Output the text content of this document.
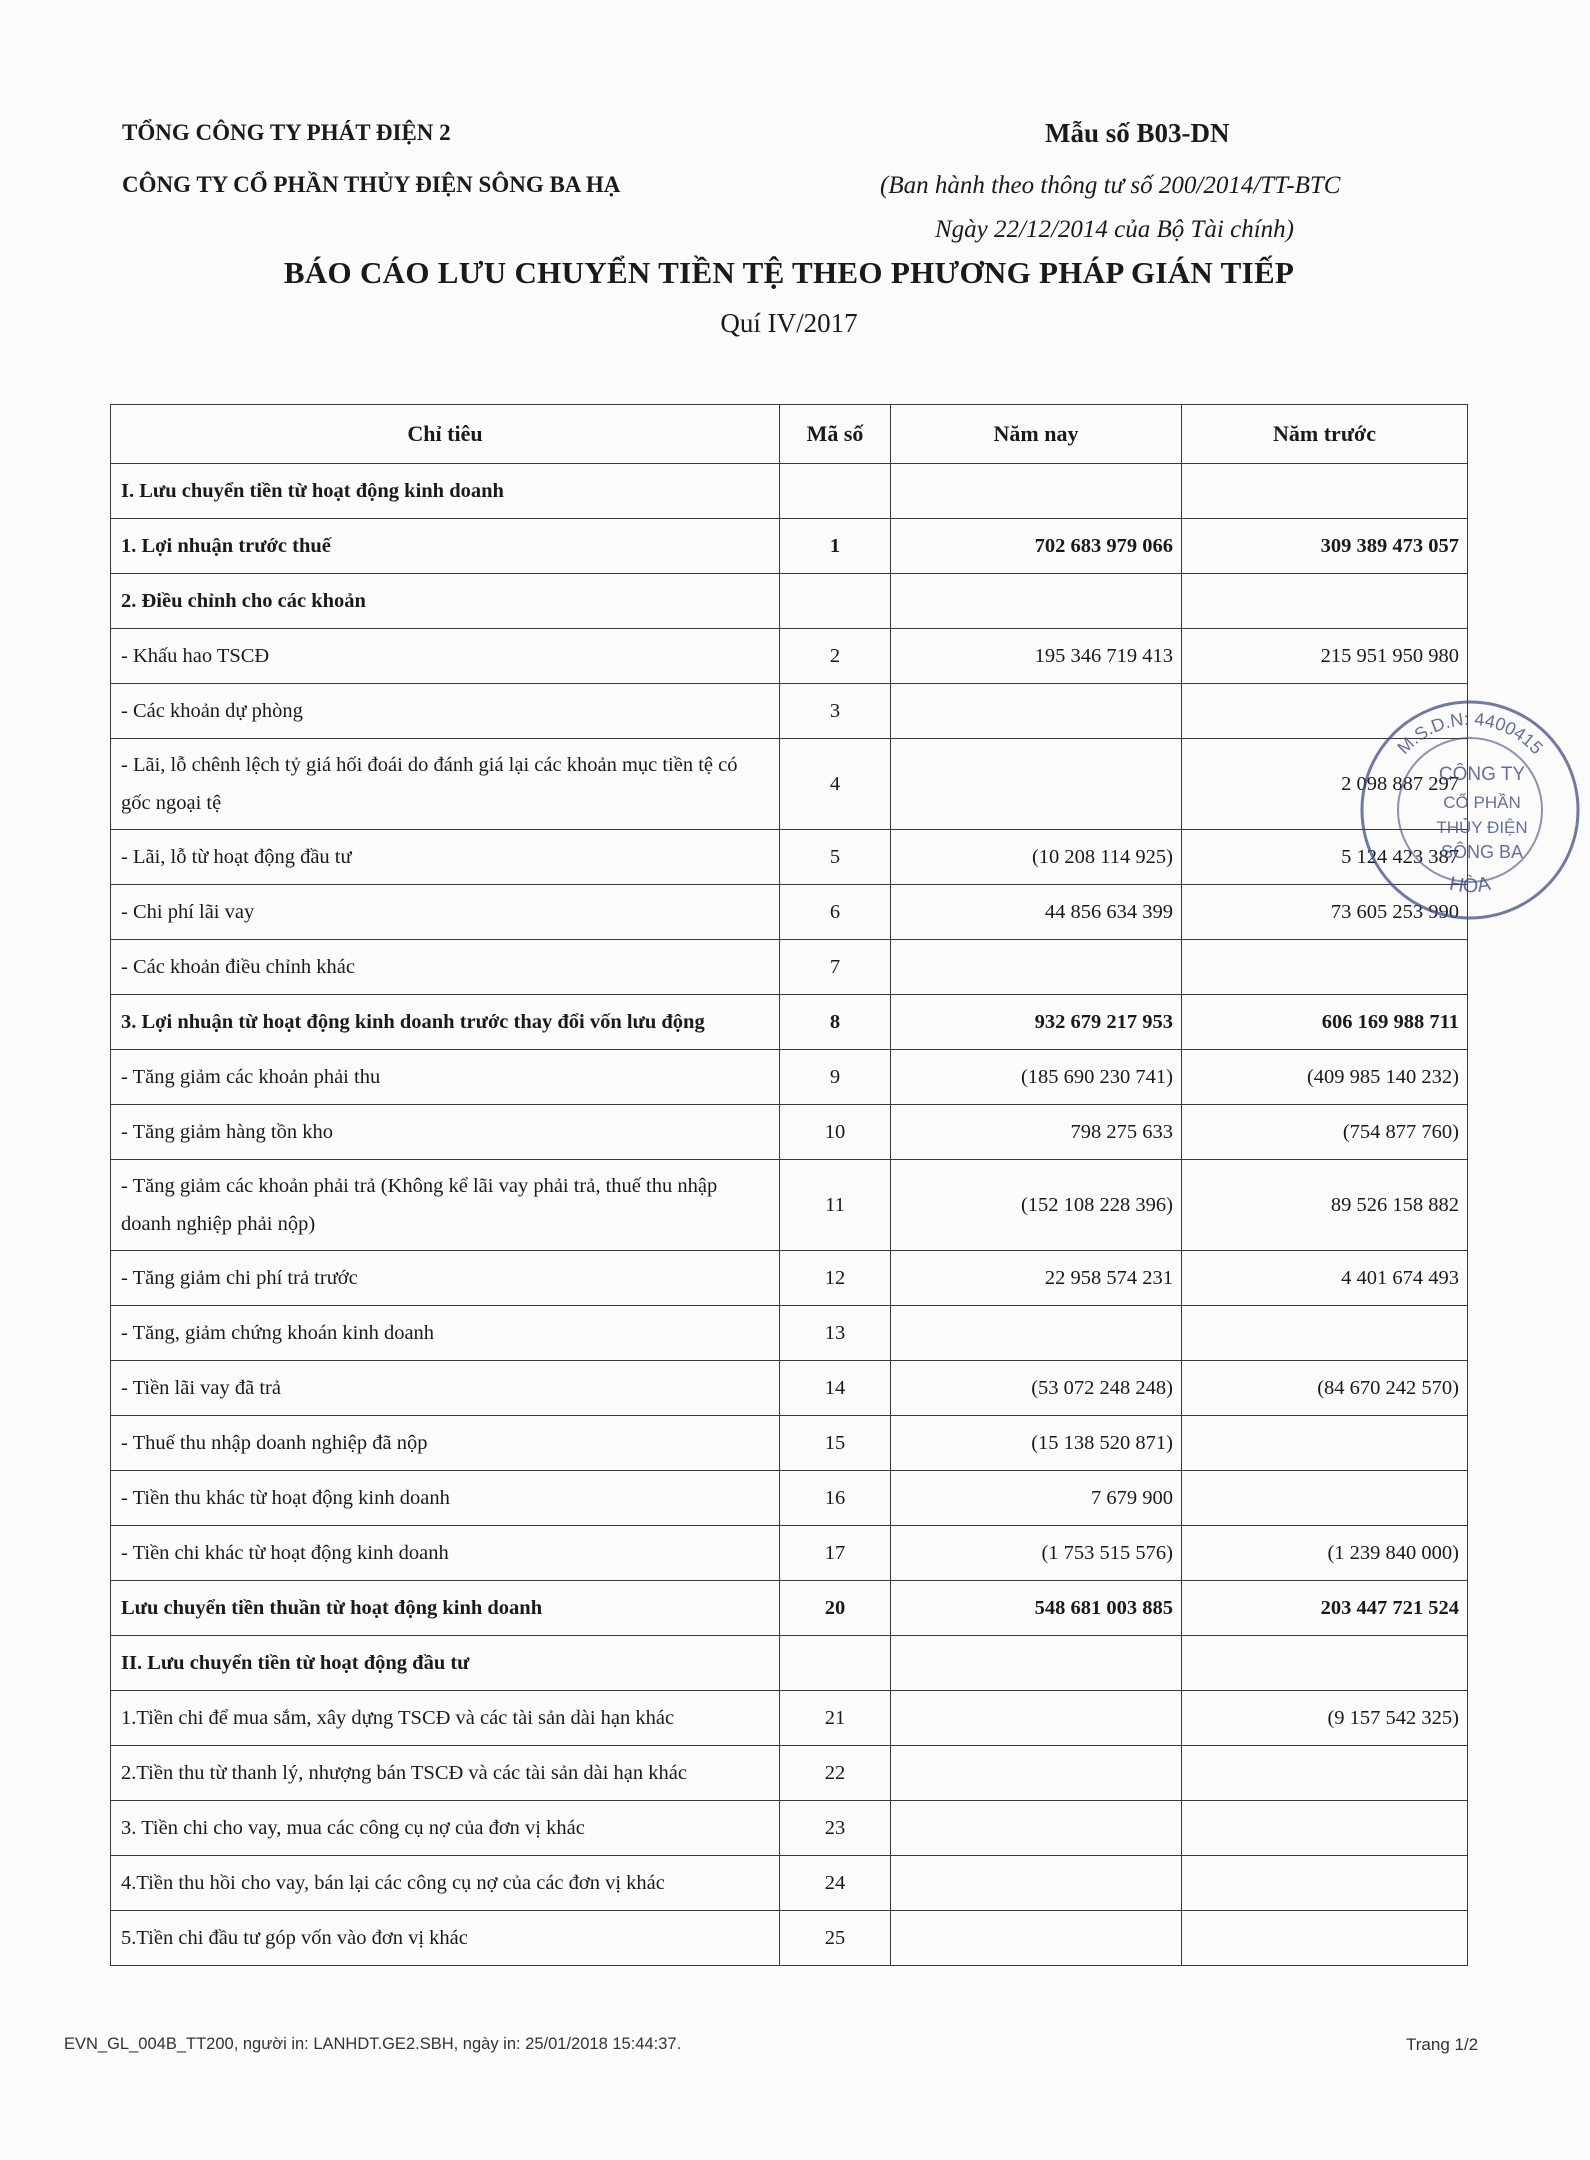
TỔNG CÔNG TY PHÁT ĐIỆN 2
CÔNG TY CỔ PHẦN THỦY ĐIỆN SÔNG BA HẠ
Mẫu số B03-DN
(Ban hành theo thông tư số 200/2014/TT-BTC
Ngày 22/12/2014 của Bộ Tài chính)
BÁO CÁO LƯU CHUYỂN TIỀN TỆ THEO PHƯƠNG PHÁP GIÁN TIẾP
Quí IV/2017
Chỉ tiêu	Mã số	Năm nay	Năm trước
I. Lưu chuyển tiền từ hoạt động kinh doanh			
1. Lợi nhuận trước thuế	1	702 683 979 066	309 389 473 057
2. Điều chỉnh cho các khoản			
- Khấu hao TSCĐ	2	195 346 719 413	215 951 950 980
- Các khoản dự phòng	3		
- Lãi, lỗ chênh lệch tỷ giá hối đoái do đánh giá lại các khoản mục tiền tệ có gốc ngoại tệ	4		2 098 887 297
- Lãi, lỗ từ hoạt động đầu tư	5	(10 208 114 925)	5 124 423 387
- Chi phí lãi vay	6	44 856 634 399	73 605 253 990
- Các khoản điều chỉnh khác	7		
3. Lợi nhuận từ hoạt động kinh doanh trước thay đổi vốn lưu động	8	932 679 217 953	606 169 988 711
- Tăng giảm các khoản phải thu	9	(185 690 230 741)	(409 985 140 232)
- Tăng giảm hàng tồn kho	10	798 275 633	(754 877 760)
- Tăng giảm các khoản phải trả (Không kể lãi vay phải trả, thuế thu nhập doanh nghiệp phải nộp)	11	(152 108 228 396)	89 526 158 882
- Tăng giảm chi phí trả trước	12	22 958 574 231	4 401 674 493
- Tăng, giảm chứng khoán kinh doanh	13		
- Tiền lãi vay đã trả	14	(53 072 248 248)	(84 670 242 570)
- Thuế thu nhập doanh nghiệp đã nộp	15	(15 138 520 871)	
- Tiền thu khác từ hoạt động kinh doanh	16	7 679 900	
- Tiền chi khác từ hoạt động kinh doanh	17	(1 753 515 576)	(1 239 840 000)
Lưu chuyển tiền thuần từ hoạt động kinh doanh	20	548 681 003 885	203 447 721 524
II. Lưu chuyển tiền từ hoạt động đầu tư			
1.Tiền chi để mua sắm, xây dựng TSCĐ và các tài sản dài hạn khác	21		(9 157 542 325)
2.Tiền thu từ thanh lý, nhượng bán TSCĐ và các tài sản dài hạn khác	22		
3. Tiền chi cho vay, mua các công cụ nợ của đơn vị khác	23		
4.Tiền thu hồi cho vay, bán lại các công cụ nợ của các đơn vị khác	24		
5.Tiền chi đầu tư góp vốn vào đơn vị khác	25		
M.S.D.N: 4400415
HÒA
CÔNG TY
CỔ PHẦN
THỦY ĐIỆN
SÔNG BA
EVN_GL_004B_TT200, người in: LANHDT.GE2.SBH, ngày in: 25/01/2018 15:44:37.	Trang 1/2
